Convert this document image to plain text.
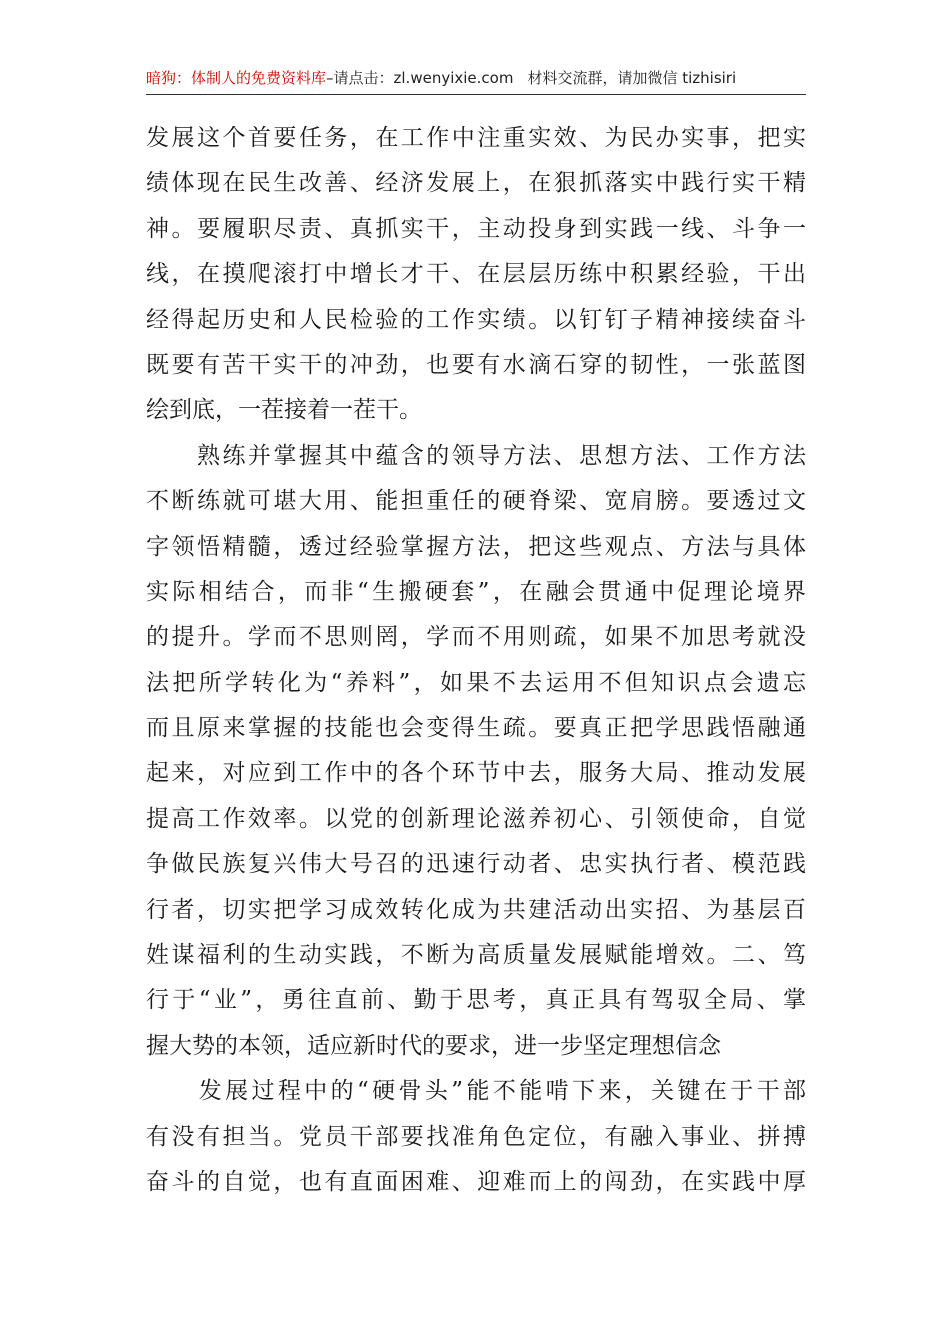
暗狗：体制人的免费资料库–请点击：zl.wenyixie.com 材料交流群，请加微信 tizhisiri
发展这个首要任务，在工作中注重实效、为民办实事，把实
绩体现在民生改善、经济发展上，在狠抓落实中践行实干精
神。要履职尽责、真抓实干，主动投身到实践一线、斗争一
线，在摸爬滚打中增长才干、在层层历练中积累经验，干出
经得起历史和人民检验的工作实绩。以钉钉子精神接续奋斗
既要有苦干实干的冲劲，也要有水滴石穿的韧性，一张蓝图
绘到底，一茬接着一茬干。
　　熟练并掌握其中蕴含的领导方法、思想方法、工作方法
不断练就可堪大用、能担重任的硬脊梁、宽肩膀。要透过文
字领悟精髓，透过经验掌握方法，把这些观点、方法与具体
实际相结合，而非“生搬硬套”，在融会贯通中促理论境界
的提升。学而不思则罔，学而不用则疏，如果不加思考就没
法把所学转化为“养料”，如果不去运用不但知识点会遗忘
而且原来掌握的技能也会变得生疏。要真正把学思践悟融通
起来，对应到工作中的各个环节中去，服务大局、推动发展
提高工作效率。以党的创新理论滋养初心、引领使命，自觉
争做民族复兴伟大号召的迅速行动者、忠实执行者、模范践
行者，切实把学习成效转化成为共建活动出实招、为基层百
姓谋福利的生动实践，不断为高质量发展赋能增效。二、笃
行于“业”，勇往直前、勤于思考，真正具有驾驭全局、掌
握大势的本领，适应新时代的要求，进一步坚定理想信念
　　发展过程中的“硬骨头”能不能啃下来，关键在于干部
有没有担当。党员干部要找准角色定位，有融入事业、拼搏
奋斗的自觉，也有直面困难、迎难而上的闯劲，在实践中厚
